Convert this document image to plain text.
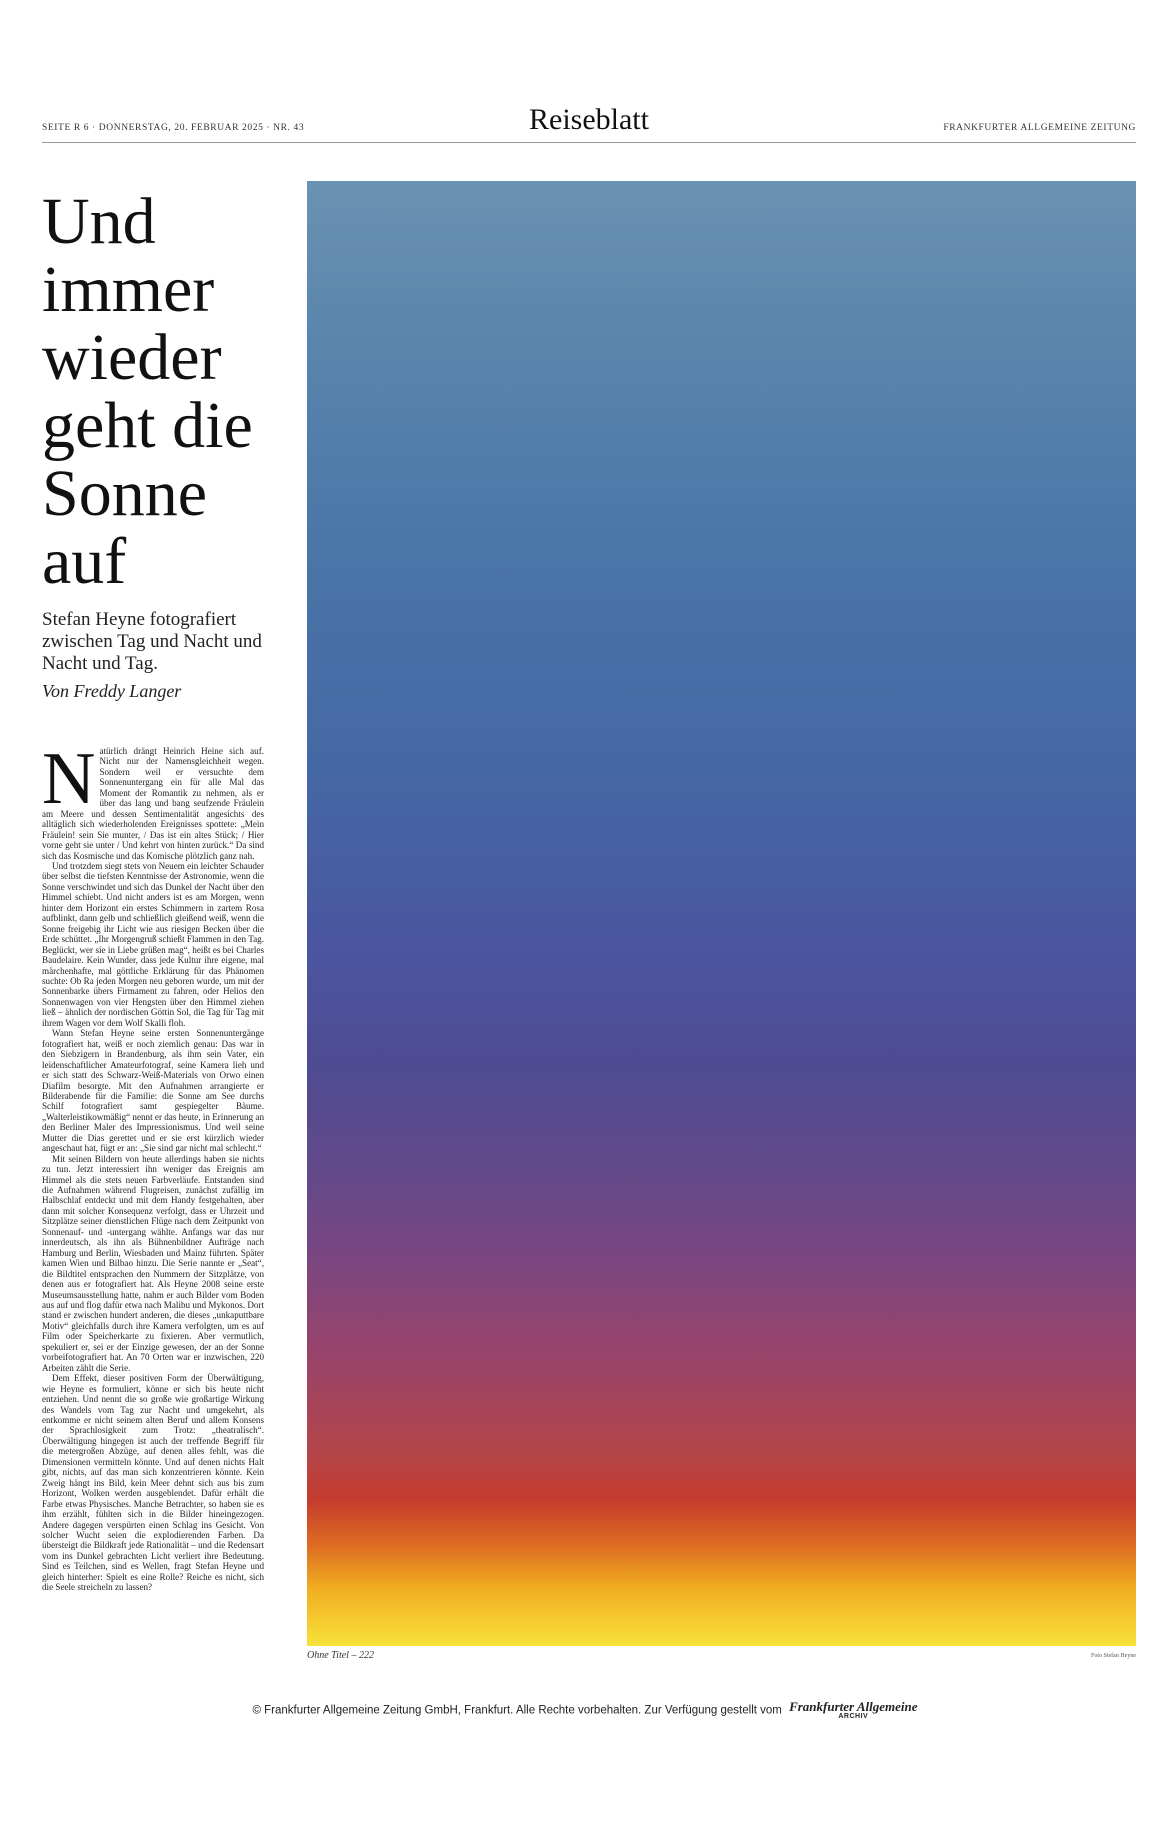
SEITE R 6 · DONNERSTAG, 20. FEBRUAR 2025 · NR. 43	Reiseblatt	FRANKFURTER ALLGEMEINE ZEITUNG
Und immer wieder geht die Sonne auf

Stefan Heyne fotografiert zwischen Tag und Nacht und Nacht und Tag.

Von Freddy Langer

Natürlich drängt Heinrich Heine sich auf. Nicht nur der Namensgleichheit wegen. Sondern weil er versuchte dem Sonnenuntergang ein für alle Mal das Moment der Romantik zu nehmen, als er über das lang und bang seufzende Fräulein am Meere und dessen Sentimentalität angesichts des alltäglich sich wiederholenden Ereignisses spottete: „Mein Fräulein! sein Sie munter, / Das ist ein altes Stück; / Hier vorne geht sie unter / Und kehrt von hinten zurück.“ Da sind sich das Kosmische und das Komische plötzlich ganz nah.

Und trotzdem siegt stets von Neuem ein leichter Schauder über selbst die tiefsten Kenntnisse der Astronomie, wenn die Sonne verschwindet und sich das Dunkel der Nacht über den Himmel schiebt. Und nicht anders ist es am Morgen, wenn hinter dem Horizont ein erstes Schimmern in zartem Rosa aufblinkt, dann gelb und schließlich gleißend weiß, wenn die Sonne freigebig ihr Licht wie aus riesigen Becken über die Erde schüttet. „Ihr Morgengruß schießt Flammen in den Tag. Beglückt, wer sie in Liebe grüßen mag“, heißt es bei Charles Baudelaire. Kein Wunder, dass jede Kultur ihre eigene, mal märchenhafte, mal göttliche Erklärung für das Phänomen suchte: Ob Ra jeden Morgen neu geboren wurde, um mit der Sonnenbarke übers Firmament zu fahren, oder Helios den Sonnenwagen von vier Hengsten über den Himmel ziehen ließ – ähnlich der nordischen Göttin Sol, die Tag für Tag mit ihrem Wagen vor dem Wolf Skalli floh.

Wann Stefan Heyne seine ersten Sonnenuntergänge fotografiert hat, weiß er noch ziemlich genau: Das war in den Siebzigern in Brandenburg, als ihm sein Vater, ein leidenschaftlicher Amateurfotograf, seine Kamera lieh und er sich statt des Schwarz-Weiß-Materials von Orwo einen Diafilm besorgte. Mit den Aufnahmen arrangierte er Bilderabende für die Familie: die Sonne am See durchs Schilf fotografiert samt gespiegelter Bäume. „Walterleistikowmäßig“ nennt er das heute, in Erinnerung an den Berliner Maler des Impressionismus. Und weil seine Mutter die Dias gerettet und er sie erst kürzlich wieder angeschaut hat, fügt er an: „Sie sind gar nicht mal schlecht.“

Mit seinen Bildern von heute allerdings haben sie nichts zu tun. Jetzt interessiert ihn weniger das Ereignis am Himmel als die stets neuen Farbverläufe. Entstanden sind die Aufnahmen während Flugreisen, zunächst zufällig im Halbschlaf entdeckt und mit dem Handy festgehalten, aber dann mit solcher Konsequenz verfolgt, dass er Uhrzeit und Sitzplätze seiner dienstlichen Flüge nach dem Zeitpunkt von Sonnenauf- und -untergang wählte. Anfangs war das nur innerdeutsch, als ihn als Bühnenbildner Aufträge nach Hamburg und Berlin, Wiesbaden und Mainz führten. Später kamen Wien und Bilbao hinzu. Die Serie nannte er „Seat“, die Bildtitel entsprachen den Nummern der Sitzplätze, von denen aus er fotografiert hat. Als Heyne 2008 seine erste Museumsausstellung hatte, nahm er auch Bilder vom Boden aus auf und flog dafür etwa nach Malibu und Mykonos. Dort stand er zwischen hundert anderen, die dieses „unkaputtbare Motiv“ gleichfalls durch ihre Kamera verfolgten, um es auf Film oder Speicherkarte zu fixieren. Aber vermutlich, spekuliert er, sei er der Einzige gewesen, der an der Sonne vorbeifotografiert hat. An 70 Orten war er inzwischen, 220 Arbeiten zählt die Serie.

Dem Effekt, dieser positiven Form der Überwältigung, wie Heyne es formuliert, könne er sich bis heute nicht entziehen. Und nennt die so große wie großartige Wirkung des Wandels vom Tag zur Nacht und umgekehrt, als entkomme er nicht seinem alten Beruf und allem Konsens der Sprachlosigkeit zum Trotz: „theatralisch“. Überwältigung hingegen ist auch der treffende Begriff für die metergroßen Abzüge, auf denen alles fehlt, was die Dimensionen vermitteln könnte. Und auf denen nichts Halt gibt, nichts, auf das man sich konzentrieren könnte. Kein Zweig hängt ins Bild, kein Meer dehnt sich aus bis zum Horizont, Wolken werden ausgeblendet. Dafür erhält die Farbe etwas Physisches. Manche Betrachter, so haben sie es ihm erzählt, fühlten sich in die Bilder hineingezogen. Andere dagegen verspürten einen Schlag ins Gesicht. Von solcher Wucht seien die explodierenden Farben. Da übersteigt die Bildkraft jede Rationalität – und die Redensart vom ins Dunkel gebrachten Licht verliert ihre Bedeutung. Sind es Teilchen, sind es Wellen, fragt Stefan Heyne und gleich hinterher: Spielt es eine Rolle? Reiche es nicht, sich die Seele streicheln zu lassen?

Ohne Titel – 222	Foto Stefan Heyne
© Frankfurter Allgemeine Zeitung GmbH, Frankfurt. Alle Rechte vorbehalten. Zur Verfügung gestellt vom Frankfurter Allgemeine
ARCHIV
